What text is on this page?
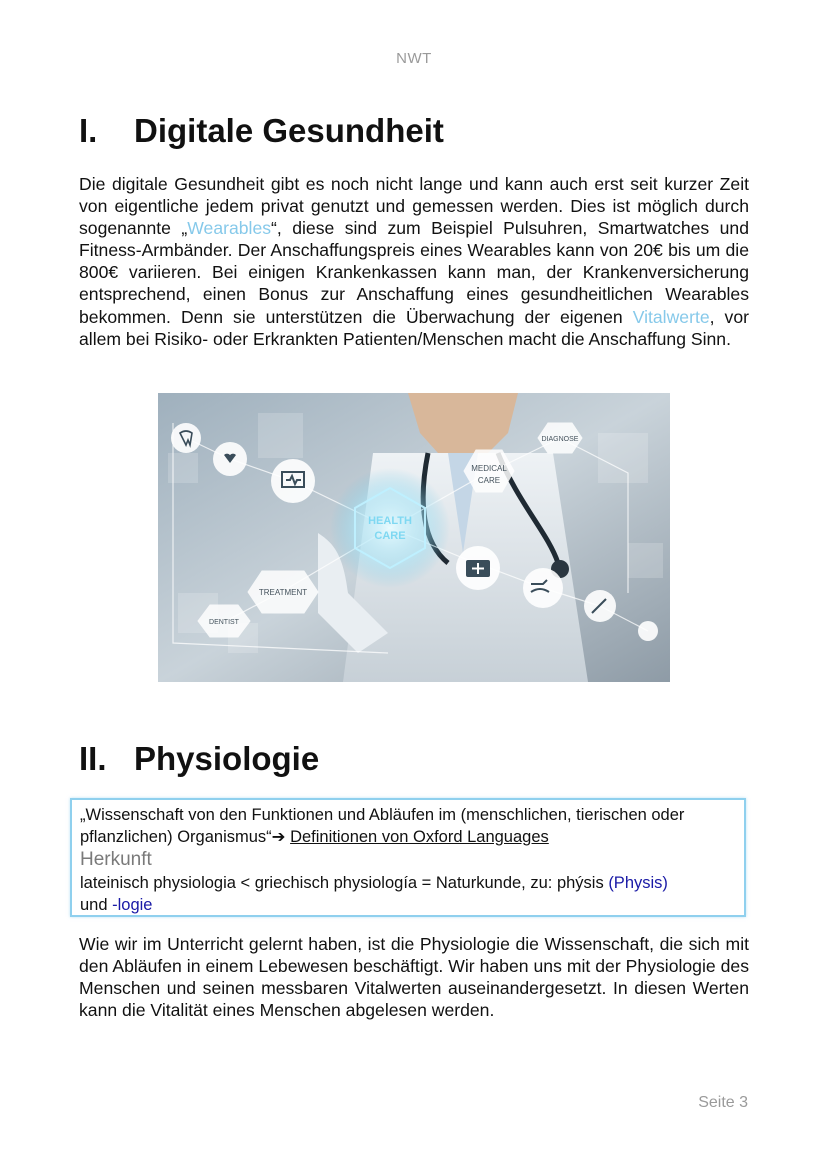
NWT
I.	Digitale Gesundheit
Die digitale Gesundheit gibt es noch nicht lange und kann auch erst seit kurzer Zeit von eigentliche jedem privat genutzt und gemessen werden. Dies ist möglich durch sogenannte „Wearables“, diese sind zum Beispiel Pulsuhren, Smartwatches und Fitness-Armbänder. Der Anschaffungspreis eines Wearables kann von 20€ bis um die 800€ variieren. Bei einigen Krankenkassen kann man, der Krankenversicherung entsprechend, einen Bonus zur Anschaffung eines gesundheitlichen Wearables bekommen. Denn sie unterstützen die Überwachung der eigenen Vitalwerte, vor allem bei Risiko- oder Erkrankten Patienten/Menschen macht die Anschaffung Sinn.
HEALTH
CARE
MEDICAL
CARE
DIAGNOSE
TREATMENT
DENTIST
II. Physiologie
„Wissenschaft von den Funktionen und Abläufen im (menschlichen, tierischen oder pflanzlichen) Organismus“➔ Definitionen von Oxford Languages
Herkunft
lateinisch physiologia < griechisch physiología = Naturkunde, zu: phýsis (Physis)
und -logie
Wie wir im Unterricht gelernt haben, ist die Physiologie die Wissenschaft, die sich mit den Abläufen in einem Lebewesen beschäftigt. Wir haben uns mit der Physiologie des Menschen und seinen messbaren Vitalwerten auseinandergesetzt. In diesen Werten kann die Vitalität eines Menschen abgelesen werden.
Seite 3
